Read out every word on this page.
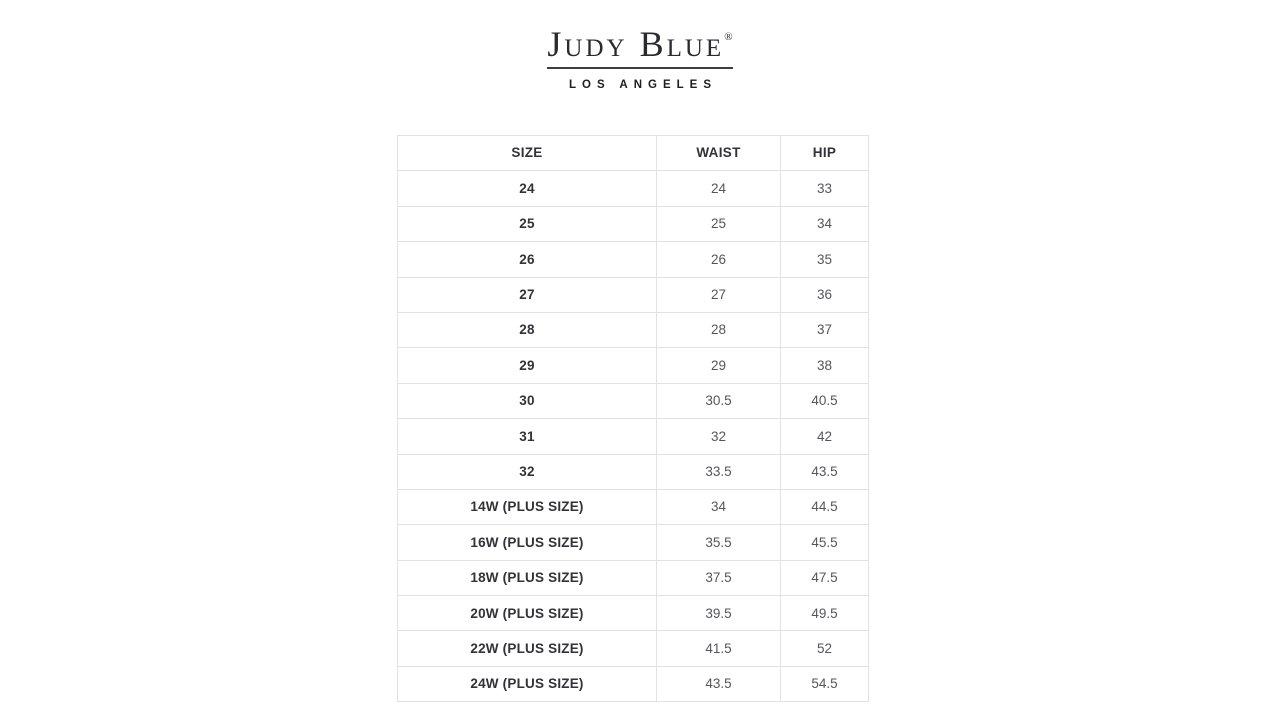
Judy Blue®
LOS ANGELES
SIZE	WAIST	HIP
24	24	33
25	25	34
26	26	35
27	27	36
28	28	37
29	29	38
30	30.5	40.5
31	32	42
32	33.5	43.5
14W (PLUS SIZE)	34	44.5
16W (PLUS SIZE)	35.5	45.5
18W (PLUS SIZE)	37.5	47.5
20W (PLUS SIZE)	39.5	49.5
22W (PLUS SIZE)	41.5	52
24W (PLUS SIZE)	43.5	54.5
